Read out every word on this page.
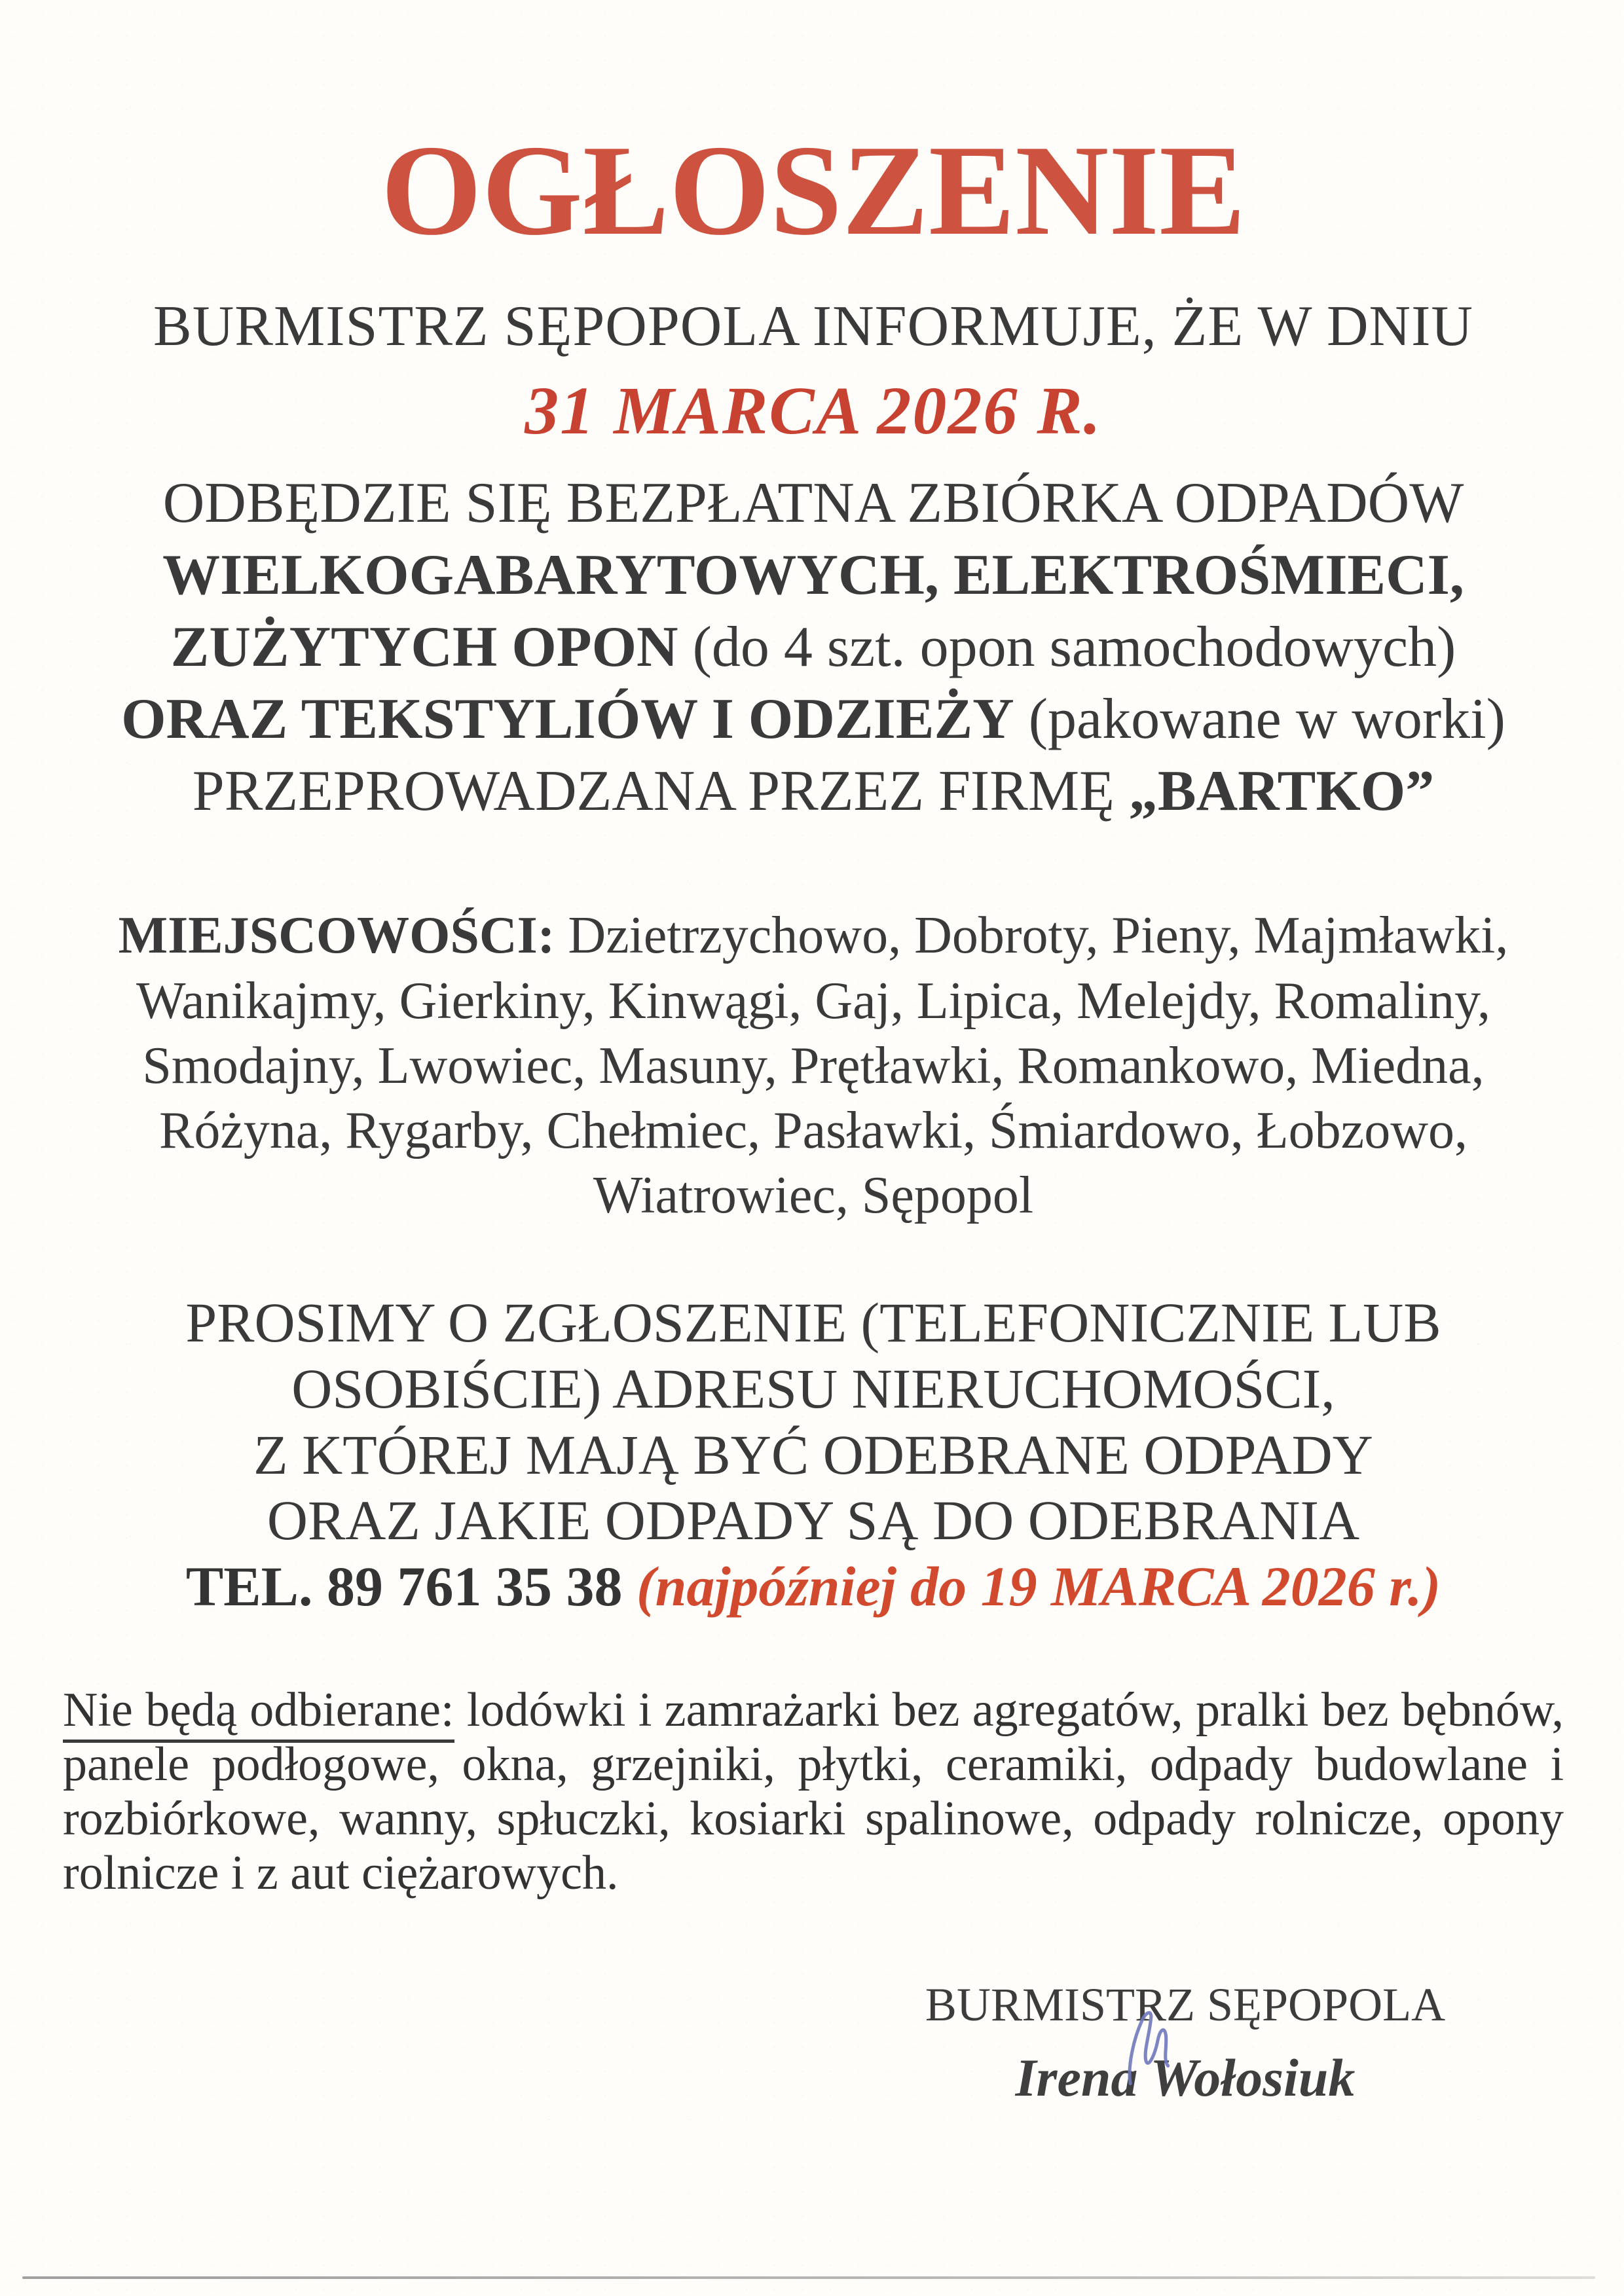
OGŁOSZENIE

BURMISTRZ SĘPOPOLA INFORMUJE, ŻE W DNIU

31 MARCA 2026 R.

ODBĘDZIE SIĘ BEZPŁATNA ZBIÓRKA ODPADÓW

WIELKOGABARYTOWYCH, ELEKTROŚMIECI,

ZUŻYTYCH OPON (do 4 szt. opon samochodowych)

ORAZ TEKSTYLIÓW I ODZIEŻY (pakowane w worki)

PRZEPROWADZANA PRZEZ FIRMĘ „BARTKO”

MIEJSCOWOŚCI: Dzietrzychowo, Dobroty, Pieny, Majmławki,

Wanikajmy, Gierkiny, Kinwągi, Gaj, Lipica, Melejdy, Romaliny,

Smodajny, Lwowiec, Masuny, Prętławki, Romankowo, Miedna,

Różyna, Rygarby, Chełmiec, Pasławki, Śmiardowo, Łobzowo,

Wiatrowiec, Sępopol

PROSIMY O ZGŁOSZENIE (TELEFONICZNIE LUB

OSOBIŚCIE) ADRESU NIERUCHOMOŚCI,

Z KTÓREJ MAJĄ BYĆ ODEBRANE ODPADY

ORAZ JAKIE ODPADY SĄ DO ODEBRANIA

TEL. 89 761 35 38 (najpóźniej do 19 MARCA 2026 r.)

Nie będą odbierane: lodówki i zamrażarki bez agregatów, pralki bez bębnów, panele podłogowe, okna, grzejniki, płytki, ceramiki, odpady budowlane i rozbiórkowe, wanny, spłuczki, kosiarki spalinowe, odpady rolnicze, opony rolnicze i z aut ciężarowych.

BURMISTRZ SĘPOPOLA

Irena Wołosiuk
